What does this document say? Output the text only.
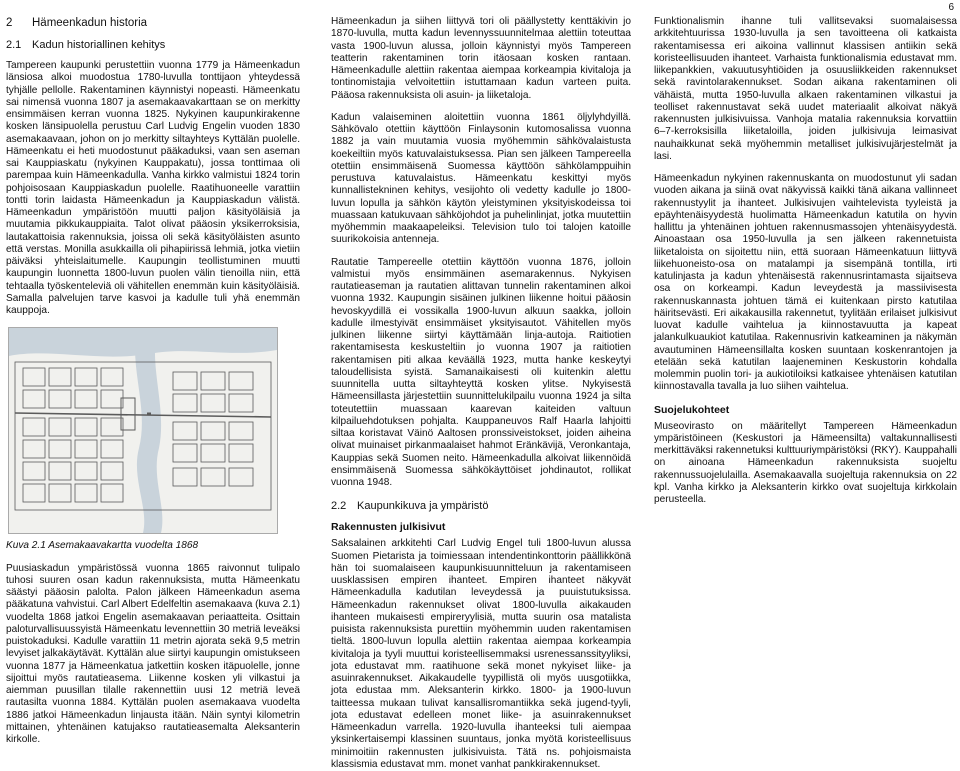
6
2 Hämeenkadun historia
2.1 Kadun historiallinen kehitys

Tampereen kaupunki perustettiin vuonna 1779 ja Hämeenkadun länsiosa alkoi muodostua 1780-luvulla tonttijaon yhteydessä tyhjälle pellolle. Rakentaminen käynnistyi nopeasti. Hämeenkatu sai nimensä vuonna 1807 ja asemakaavakarttaan se on merkitty ensimmäisen kerran vuonna 1825. Nykyinen kaupunkirakenne kosken länsipuolella perustuu Carl Ludvig Engelin vuoden 1830 asemakaavaan, johon on jo merkitty siltayhteys Kyttälän puolelle. Hämeenkatu ei heti muodostunut pääkaduksi, vaan sen aseman sai Kauppiaskatu (nykyinen Kauppakatu), jossa tonttimaa oli parempaa kuin Hämeenkadulla. Vanha kirkko valmistui 1824 torin pohjoisosaan Kauppiaskadun puolelle. Raatihuoneelle varattiin tontti torin laidasta Hämeenkadun ja Kauppiaskadun välistä. Hämeenkadun ympäristöön muutti paljon käsityöläisiä ja muutamia pikkukauppiaita. Talot olivat pääosin yksikerroksisia, lautakattoisia rakennuksia, joissa oli sekä käsityöläisten asunto että verstas. Monilla asukkailla oli pihapiirissä lehmiä, jotka vietiin päiväksi yhteislaitumelle. Kaupungin teollistuminen muutti kaupungin luonnetta 1800-luvun puolen välin tienoilla niin, että tehtaalla työskenteleviä oli vähitellen enemmän kuin käsityöläisiä. Samalla palvelujen tarve kasvoi ja kadulle tuli yhä enemmän kauppoja.

Kuva 2.1 Asemakaavakartta vuodelta 1868

Puusiaskadun ympäristössä vuonna 1865 raivonnut tulipalo tuhosi suuren osan kadun rakennuksista, mutta Hämeenkatu säästyi pääosin palolta. Palon jälkeen Hämeenkadun asema pääkatuna vahvistui. Carl Albert Edelfeltin asemakaava (kuva 2.1) vuodelta 1868 jatkoi Engelin asemakaavan periaatteita. Osittain paloturvallisuussyistä Hämeenkatu levennettiin 30 metriä leveäksi puistokaduksi. Kadulle varattiin 11 metrin ajorata sekä 9,5 metrin levyiset jalkakäytävät. Kyttälän alue siirtyi kaupungin omistukseen vuonna 1877 ja Hämeenkatua jatkettiin kosken itäpuolelle, jonne sijoittui myös rautatieasema. Liikenne kosken yli vilkastui ja aiemman puusillan tilalle rakennettiin uusi 12 metriä leveä rautasilta vuonna 1884. Kyttälän puolen asemakaava vuodelta 1886 jatkoi Hämeenkadun linjausta itään. Näin syntyi kilometrin mittainen, yhtenäinen katujakso rautatieasemalta Aleksanterin kirkolle.

Hämeenkadun ja siihen liittyvä tori oli päällystetty kenttäkivin jo 1870-luvulla, mutta kadun levennyssuunnitelmaa alettiin toteuttaa vasta 1900-luvun alussa, jolloin käynnistyi myös Tampereen teatterin rakentaminen torin itäosaan kosken rantaan. Hämeenkadulle alettiin rakentaa aiempaa korkeampia kivitaloja ja tontinomistajia velvoitettiin istuttamaan kadun varteen puita. Pääosa rakennuksista oli asuin- ja liiketaloja.

Kadun valaiseminen aloitettiin vuonna 1861 öljylyhdyillä. Sähkövalo otettiin käyttöön Finlaysonin kutomosalissa vuonna 1882 ja vain muutamia vuosia myöhemmin sähkövalaistusta koekeiltiin myös katuvalaistuksessa. Pian sen jälkeen Tampereella otettiin ensimmäisenä Suomessa käyttöön sähkölamppuihin perustuva katuvalaistus. Hämeenkatu keskittyi myös kunnallistekninen kehitys, vesijohto oli vedetty kadulle jo 1800-luvun lopulla ja sähkön käytön yleistyminen yksityiskodeissa toi muassaan katukuvaan sähköjohdot ja puhelinlinjat, jotka muutettiin myöhemmin maakaapeleiksi. Television tulo toi talojen katoille suurikokoisia antenneja.

Rautatie Tampereelle otettiin käyttöön vuonna 1876, jolloin valmistui myös ensimmäinen asemarakennus. Nykyisen rautatieaseman ja rautatien alittavan tunnelin rakentaminen alkoi vuonna 1932. Kaupungin sisäinen julkinen liikenne hoitui pääosin hevoskyydillä ei vossikalla 1900-luvun alkuun saakka, jolloin kadulle ilmestyivät ensimmäiset yksityisautot. Vähitellen myös julkinen liikenne siirtyi käyttämään linja-autoja. Raitiotien rakentamisesta keskusteltiin jo vuonna 1907 ja raitiotien rakentamisen piti alkaa keväällä 1923, mutta hanke keskeytyi taloudellisista syistä. Samanaikaisesti oli kuitenkin alettu suunnitella uutta siltayhteyttä kosken ylitse. Nykyisestä Hämeensillasta järjestettiin suunnittelukilpailu vuonna 1924 ja silta toteutettiin muassaan kaarevan kaiteiden valtuun kilpailuehdotuksen pohjalta. Kauppaneuvos Ralf Haarla lahjoitti siltaa koristavat Väinö Aaltosen pronssiveistokset, joiden aiheina olivat muinaiset pirkanmaalaiset hahmot Eränkävijä, Veronkantaja, Kauppias sekä Suomen neito. Hämeenkadulla alkoivat liikennöidä ensimmäisenä Suomessa sähkökäyttöiset johdinautot, rollikat vuonna 1948.

2.2 Kaupunkikuva ja ympäristö
Rakennusten julkisivut

Saksalainen arkkitehti Carl Ludvig Engel tuli 1800-luvun alussa Suomen Pietarista ja toimiessaan intendentinkonttorin päällikkönä hän toi suomalaiseen kaupunkisuunnitteluun ja rakentamiseen uusklassisen empiren ihanteet. Empiren ihanteet näkyvät Hämeenkadulla kadutilan leveydessä ja puuistutuksissa. Hämeenkadun rakennukset olivat 1800-luvulla aikakauden ihanteen mukaisesti empireryylisiä, mutta suurin osa matalista puisista rakennuksista purettiin myöhemmin uuden rakentamisen tieltä. 1800-luvun lopulla alettiin rakentaa aiempaa korkeampia kivitaloja ja tyyli muuttui koristeellisemmaksi usrenessanssityyliksi, jota edustavat mm. raatihuone sekä monet nykyiset liike- ja asuinrakennukset. Aikakaudelle tyypillistä oli myös uusgotiikka, jota edustaa mm. Aleksanterin kirkko. 1800- ja 1900-luvun taitteessa mukaan tulivat kansallisromantiikka sekä jugend-tyyli, jota edustavat edelleen monet liike- ja asuinrakennukset Hämeenkadun varrella. 1920-luvulla ihanteeksi tuli aiempaa yksinkertaisempi klassinen suuntaus, jonka myötä koristeellisuus minimoitiin rakennusten julkisivuista. Tätä ns. pohjoismaista klassismia edustavat mm. monet vanhat pankkirakennukset.

Funktionalismin ihanne tuli vallitsevaksi suomalaisessa arkkitehtuurissa 1930-luvulla ja sen tavoitteena oli katkaista rakentamisessa eri aikoina vallinnut klassisen antiikin sekä koristeellisuuden ihanteet. Varhaista funktionalismia edustavat mm. liikepankkien, vakuutusyhtiöiden ja osuusliikkeiden rakennukset sekä ravintolarakennukset. Sodan aikana rakentaminen oli vähäistä, mutta 1950-luvulla alkaen rakentaminen vilkastui ja teolliset rakennustavat sekä uudet materiaalit alkoivat näkyä rakennusten julkisivuissa. Vanhoja mataIia rakennuksia korvattiin 6–7-kerroksisilla liiketaloilla, joiden julkisivuja leimasivat nauhaikkunat sekä myöhemmin metalliset julkisivujärjestelmät ja lasi.

Hämeenkadun nykyinen rakennuskanta on muodostunut yli sadan vuoden aikana ja siinä ovat näkyvissä kaikki tänä aikana vallinneet rakennustyylit ja ihanteet. Julkisivujen vaihtelevista tyyleistä ja epäyhtenäisyydestä huolimatta Hämeenkadun katutila on hyvin hallittu ja yhtenäinen johtuen rakennusmassojen yhtenäisyydestä. Ainoastaan osa 1950-luvulla ja sen jälkeen rakennetuista liiketaloista on sijoitettu niin, että suoraan Hämeenkatuun liittyvä liikehuoneisto-osa on matalampi ja sisempänä tontilla, irti katulinjasta ja kadun yhtenäisestä rakennusrintamasta sijaitseva osa on korkeampi. Kadun leveydestä ja massiivisesta rakennuskannasta johtuen tämä ei kuitenkaan pirsto katutilaa häiritsevästi. Eri aikakausilla rakennetut, tyylitään erilaiset julkisivut luovat kadulle vaihtelua ja kiinnostavuutta ja kapeat jalankulkuaukiot katutilaa. Rakennusrivin katkeaminen ja näkymän avautuminen Hämeensillalta kosken suuntaan koskenrantojen ja etelään sekä katutilan laajeneminen Keskustorin kohdalla molemmin puolin tori- ja aukiotiloiksi katkaisee yhtenäisen katutilan kiinnostavalla tavalla ja luo siihen vaihtelua.

Suojelukohteet

Museovirasto on määritellyt Tampereen Hämeenkadun ympäristöineen (Keskustori ja Hämeensilta) valtakunnallisesti merkittäväksi rakennetuksi kulttuuriympäristöksi (RKY). Kauppahalli on ainoana Hämeenkadun rakennuksista suojeltu rakennussuojelulailla. Asemakaavalla suojeltuja rakennuksia on 22 kpl. Vanha kirkko ja Aleksanterin kirkko ovat suojeltuja kirkkolain perusteella.
